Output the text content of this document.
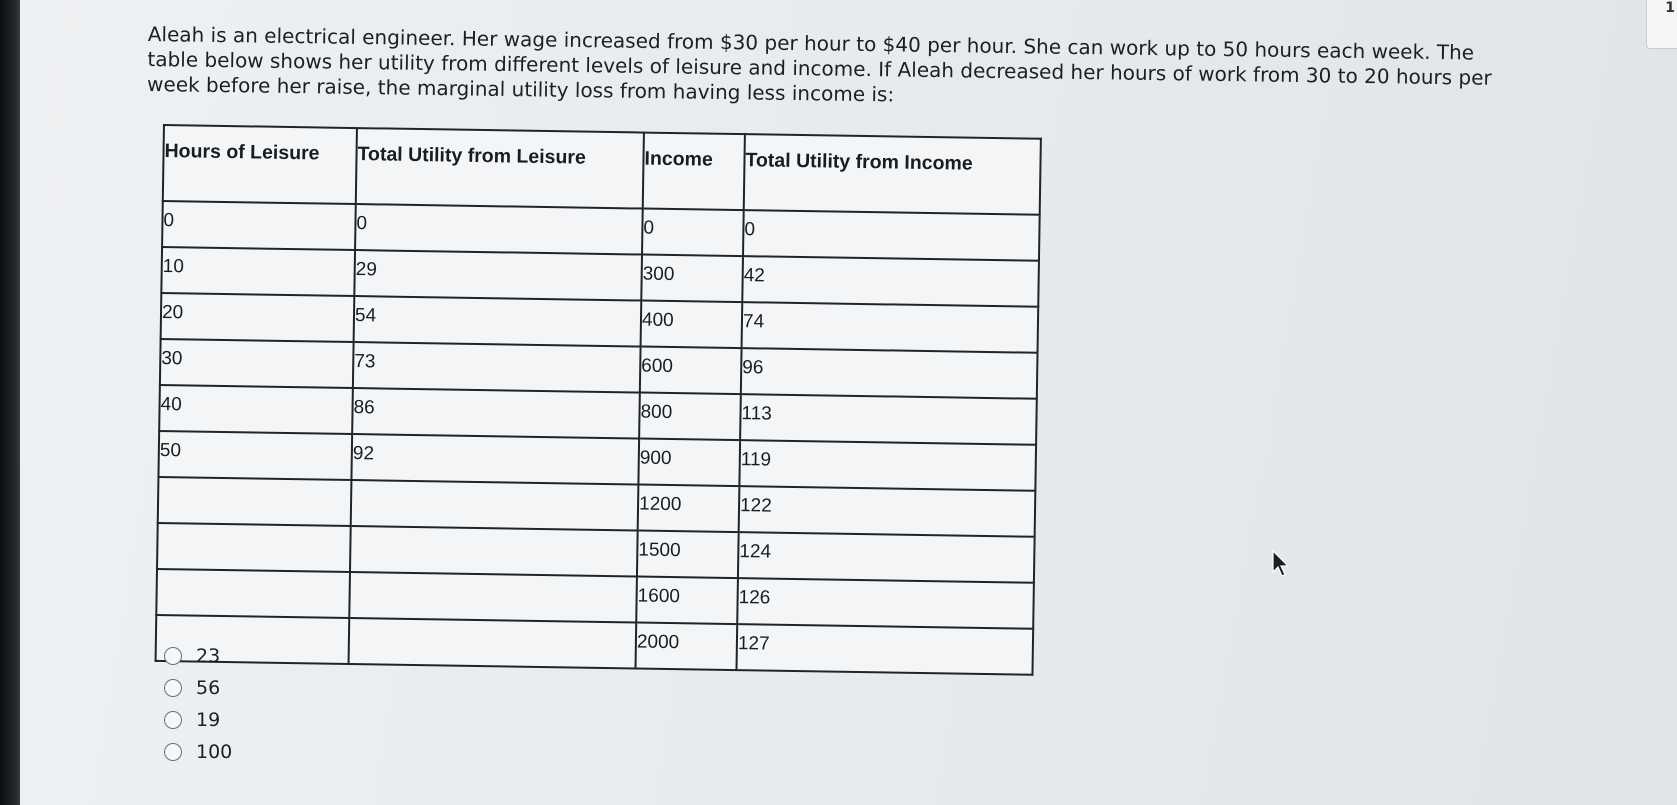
1
Aleah is an electrical engineer. Her wage increased from $30 per hour to $40 per hour. She can work up to 50 hours each week. The table below shows her utility from different levels of leisure and income. If Aleah decreased her hours of work from 30 to 20 hours per week before her raise, the marginal utility loss from having less income is:
Hours of Leisure	Total Utility from Leisure	Income	Total Utility from Income
0	0	0	0
10	29	300	42
20	54	400	74
30	73	600	96
40	86	800	113
50	92	900	119
		1200	122
		1500	124
		1600	126
		2000	127
23
56
19
100
